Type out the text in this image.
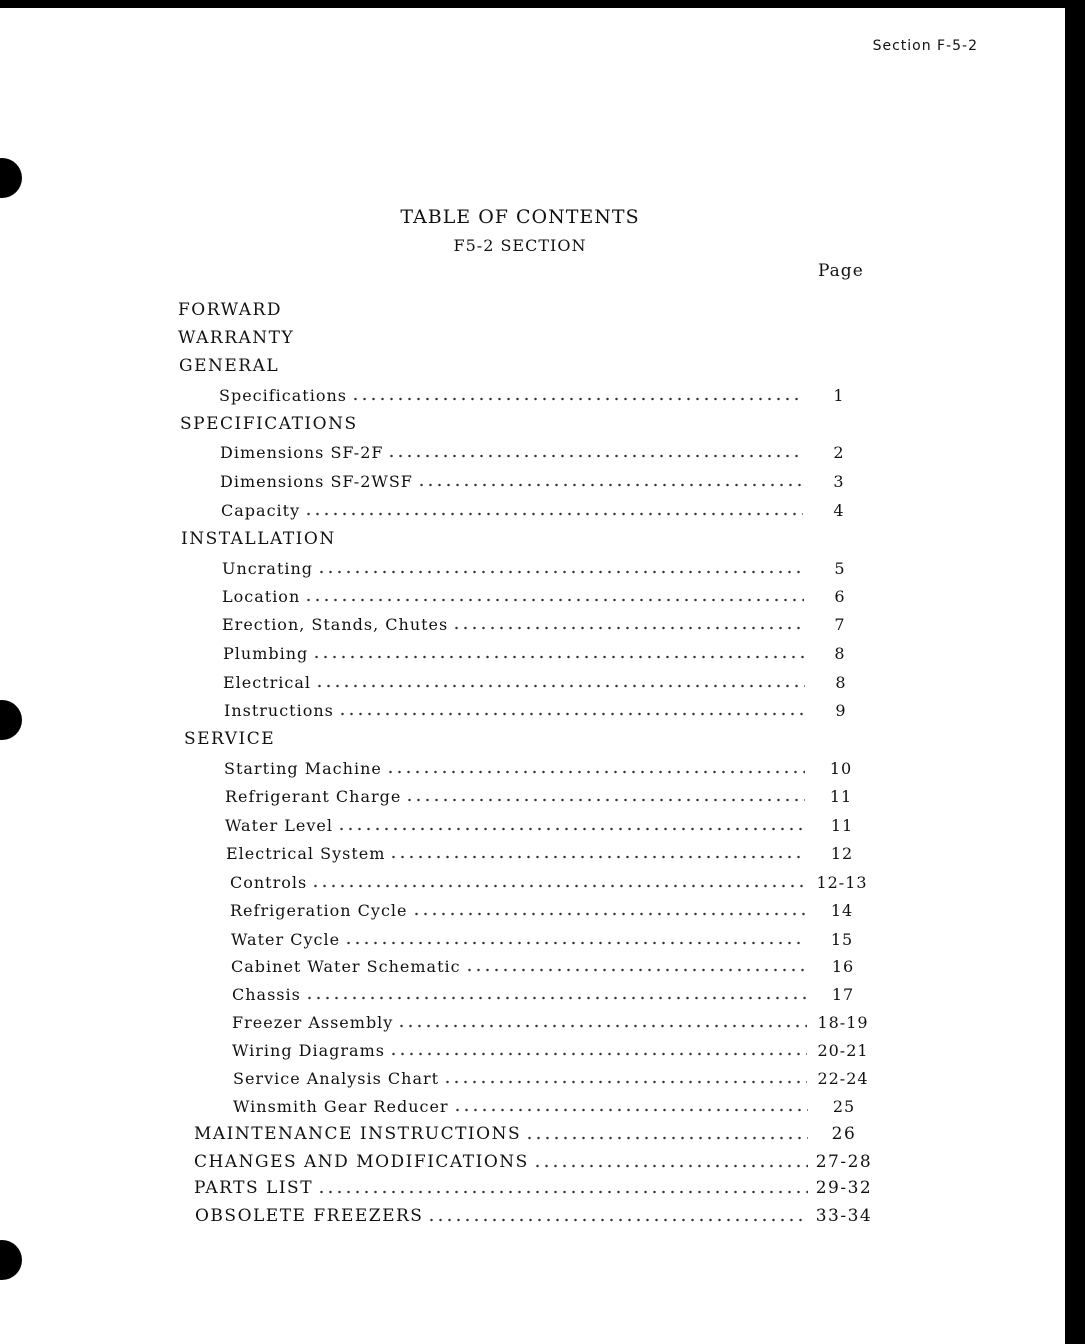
Section F-5-2
TABLE OF CONTENTS
F5-2 SECTION
Page
FORWARD
WARRANTY
GENERAL
Specifications	1
SPECIFICATIONS
Dimensions SF-2F	2
Dimensions SF-2WSF	3
Capacity	4
INSTALLATION
Uncrating	5
Location	6
Erection, Stands, Chutes	7
Plumbing	8
Electrical	8
Instructions	9
SERVICE
Starting Machine	10
Refrigerant Charge	11
Water Level	11
Electrical System	12
Controls	12-13
Refrigeration Cycle	14
Water Cycle	15
Cabinet Water Schematic	16
Chassis	17
Freezer Assembly	18-19
Wiring Diagrams	20-21
Service Analysis Chart	22-24
Winsmith Gear Reducer	25
MAINTENANCE INSTRUCTIONS	26
CHANGES AND MODIFICATIONS	27-28
PARTS LIST	29-32
OBSOLETE FREEZERS	33-34
